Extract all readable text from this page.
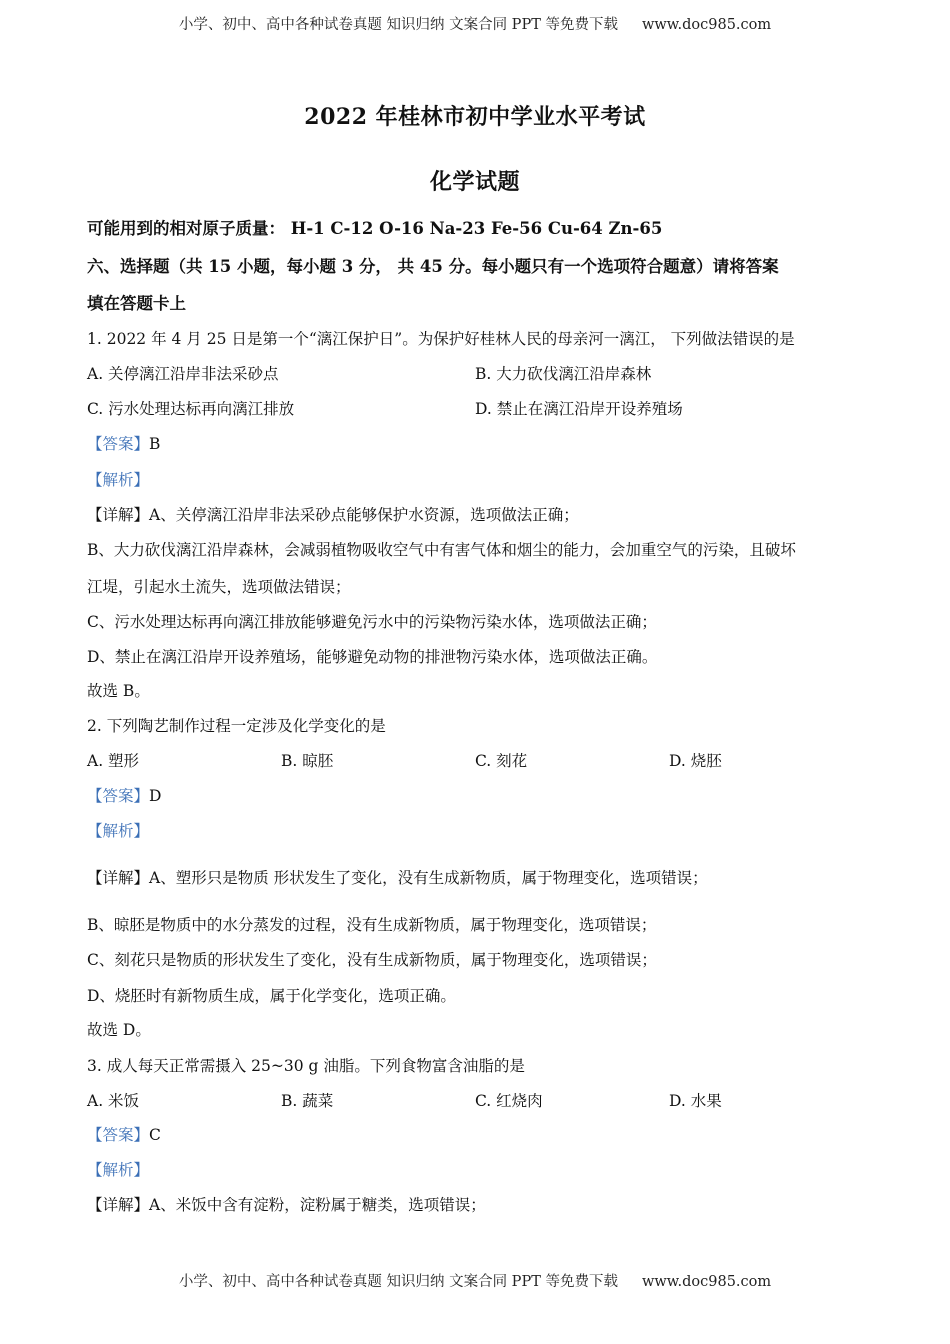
小学、初中、高中各种试卷真题 知识归纳 文案合同 PPT 等免费下载 www.doc985.com
2022 年桂林市初中学业水平考试
化学试题
可能用到的相对原子质量： H-1 C-12 O-16 Na-23 Fe-56 Cu-64 Zn-65
六、选择题（共 15 小题，每小题 3 分， 共 45 分。每小题只有一个选项符合题意）请将答案
填在答题卡上
1. 2022 年 4 月 25 日是第一个“漓江保护日”。为保护好桂林人民的母亲河一漓江， 下列做法错误的是
A. 关停漓江沿岸非法采砂点	B. 大力砍伐漓江沿岸森林
C. 污水处理达标再向漓江排放	D. 禁止在漓江沿岸开设养殖场
【答案】B
【解析】
【详解】A、关停漓江沿岸非法采砂点能够保护水资源，选项做法正确；
B、大力砍伐漓江沿岸森林，会减弱植物吸收空气中有害气体和烟尘的能力，会加重空气的污染，且破坏
江堤，引起水土流失，选项做法错误；
C、污水处理达标再向漓江排放能够避免污水中的污染物污染水体，选项做法正确；
D、禁止在漓江沿岸开设养殖场，能够避免动物的排泄物污染水体，选项做法正确。
故选 B。
2. 下列陶艺制作过程一定涉及化学变化的是
A. 塑形	B. 晾胚	C. 刻花	D. 烧胚
【答案】D
【解析】
【详解】A、塑形只是物质 形状发生了变化，没有生成新物质，属于物理变化，选项错误；
B、晾胚是物质中的水分蒸发的过程，没有生成新物质，属于物理变化，选项错误；
C、刻花只是物质的形状发生了变化，没有生成新物质，属于物理变化，选项错误；
D、烧胚时有新物质生成，属于化学变化，选项正确。
故选 D。
3. 成人每天正常需摄入 25~30 g 油脂。下列食物富含油脂的是
A. 米饭	B. 蔬菜	C. 红烧肉	D. 水果
【答案】C
【解析】
【详解】A、米饭中含有淀粉，淀粉属于糖类，选项错误；
小学、初中、高中各种试卷真题 知识归纳 文案合同 PPT 等免费下载 www.doc985.com
